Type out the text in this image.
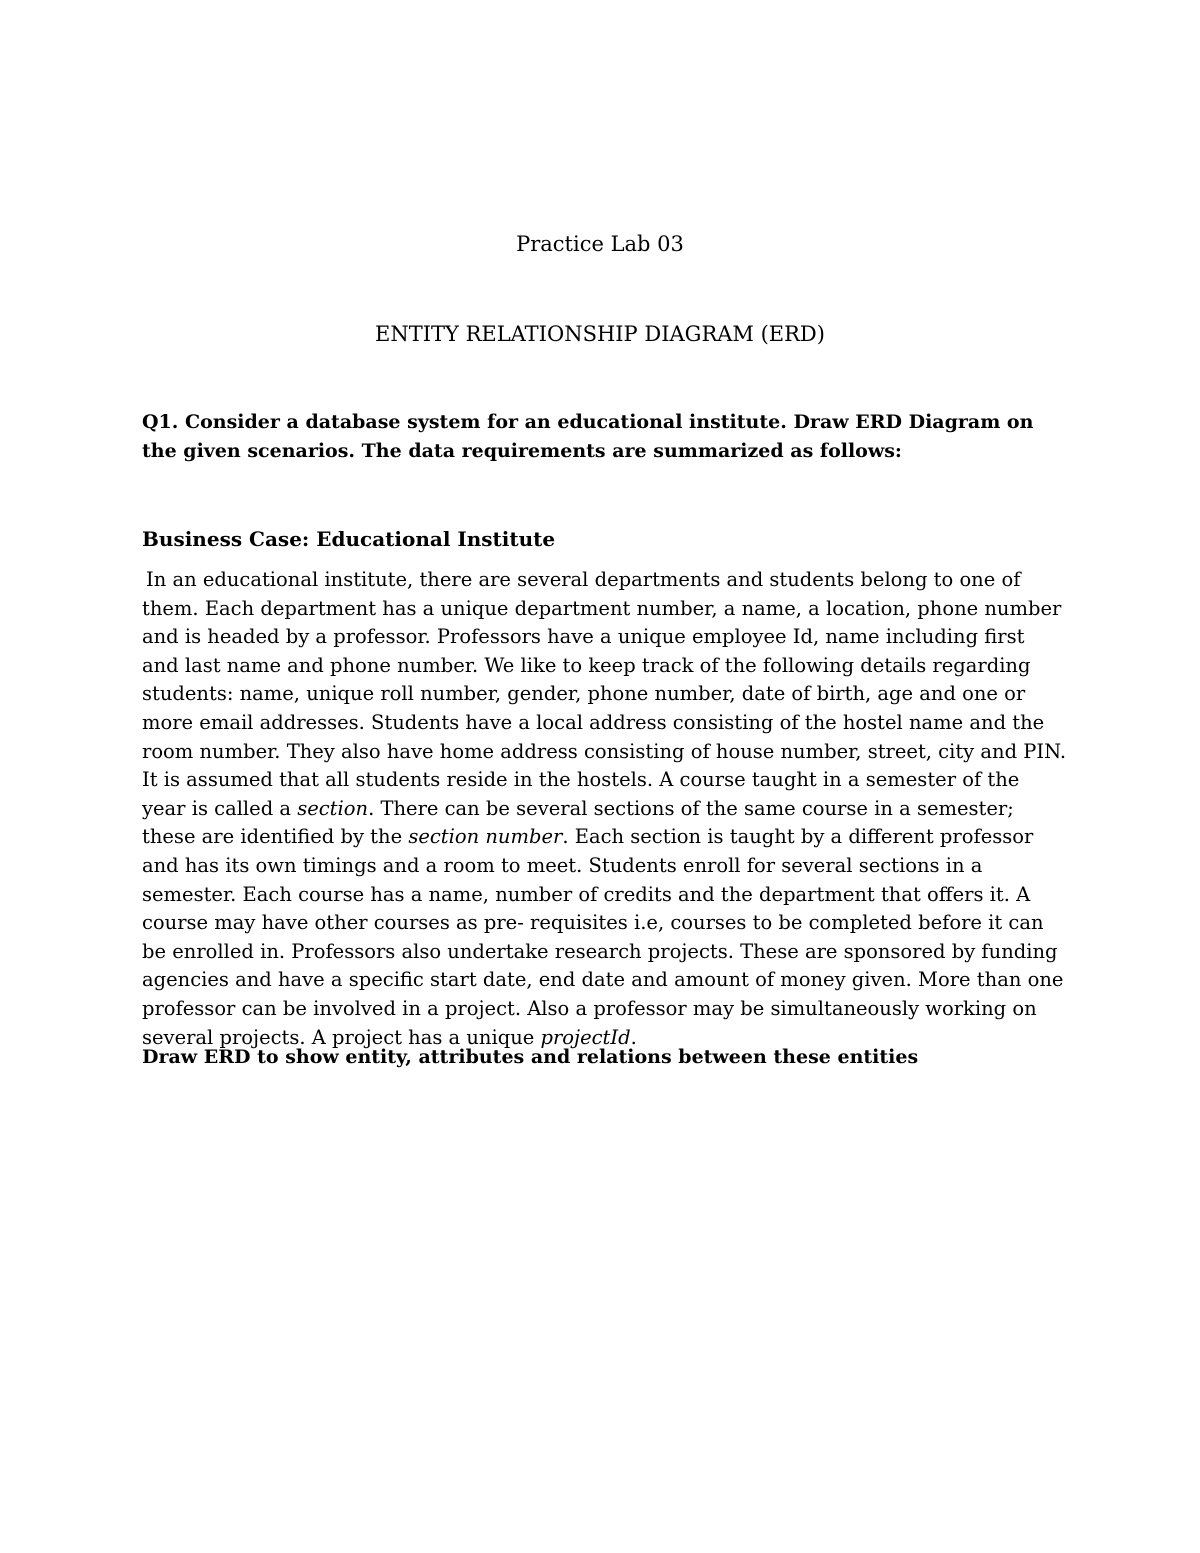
Practice Lab 03
ENTITY RELATIONSHIP DIAGRAM (ERD)

Q1. Consider a database system for an educational institute. Draw ERD Diagram on the given scenarios. The data requirements are summarized as follows:

Business Case: Educational Institute

In an educational institute, there are several departments and students belong to one of them. Each department has a unique department number, a name, a location, phone number and is headed by a professor. Professors have a unique employee Id, name including first and last name and phone number. We like to keep track of the following details regarding students: name, unique roll number, gender, phone number, date of birth, age and one or more email addresses. Students have a local address consisting of the hostel name and the room number. They also have home address consisting of house number, street, city and PIN. It is assumed that all students reside in the hostels. A course taught in a semester of the year is called a section. There can be several sections of the same course in a semester; these are identified by the section number. Each section is taught by a different professor and has its own timings and a room to meet. Students enroll for several sections in a semester. Each course has a name, number of credits and the department that offers it. A course may have other courses as pre- requisites i.e, courses to be completed before it can be enrolled in. Professors also undertake research projects. These are sponsored by funding agencies and have a specific start date, end date and amount of money given. More than one professor can be involved in a project. Also a professor may be simultaneously working on several projects. A project has a unique projectId.

Draw ERD to show entity, attributes and relations between these entities
